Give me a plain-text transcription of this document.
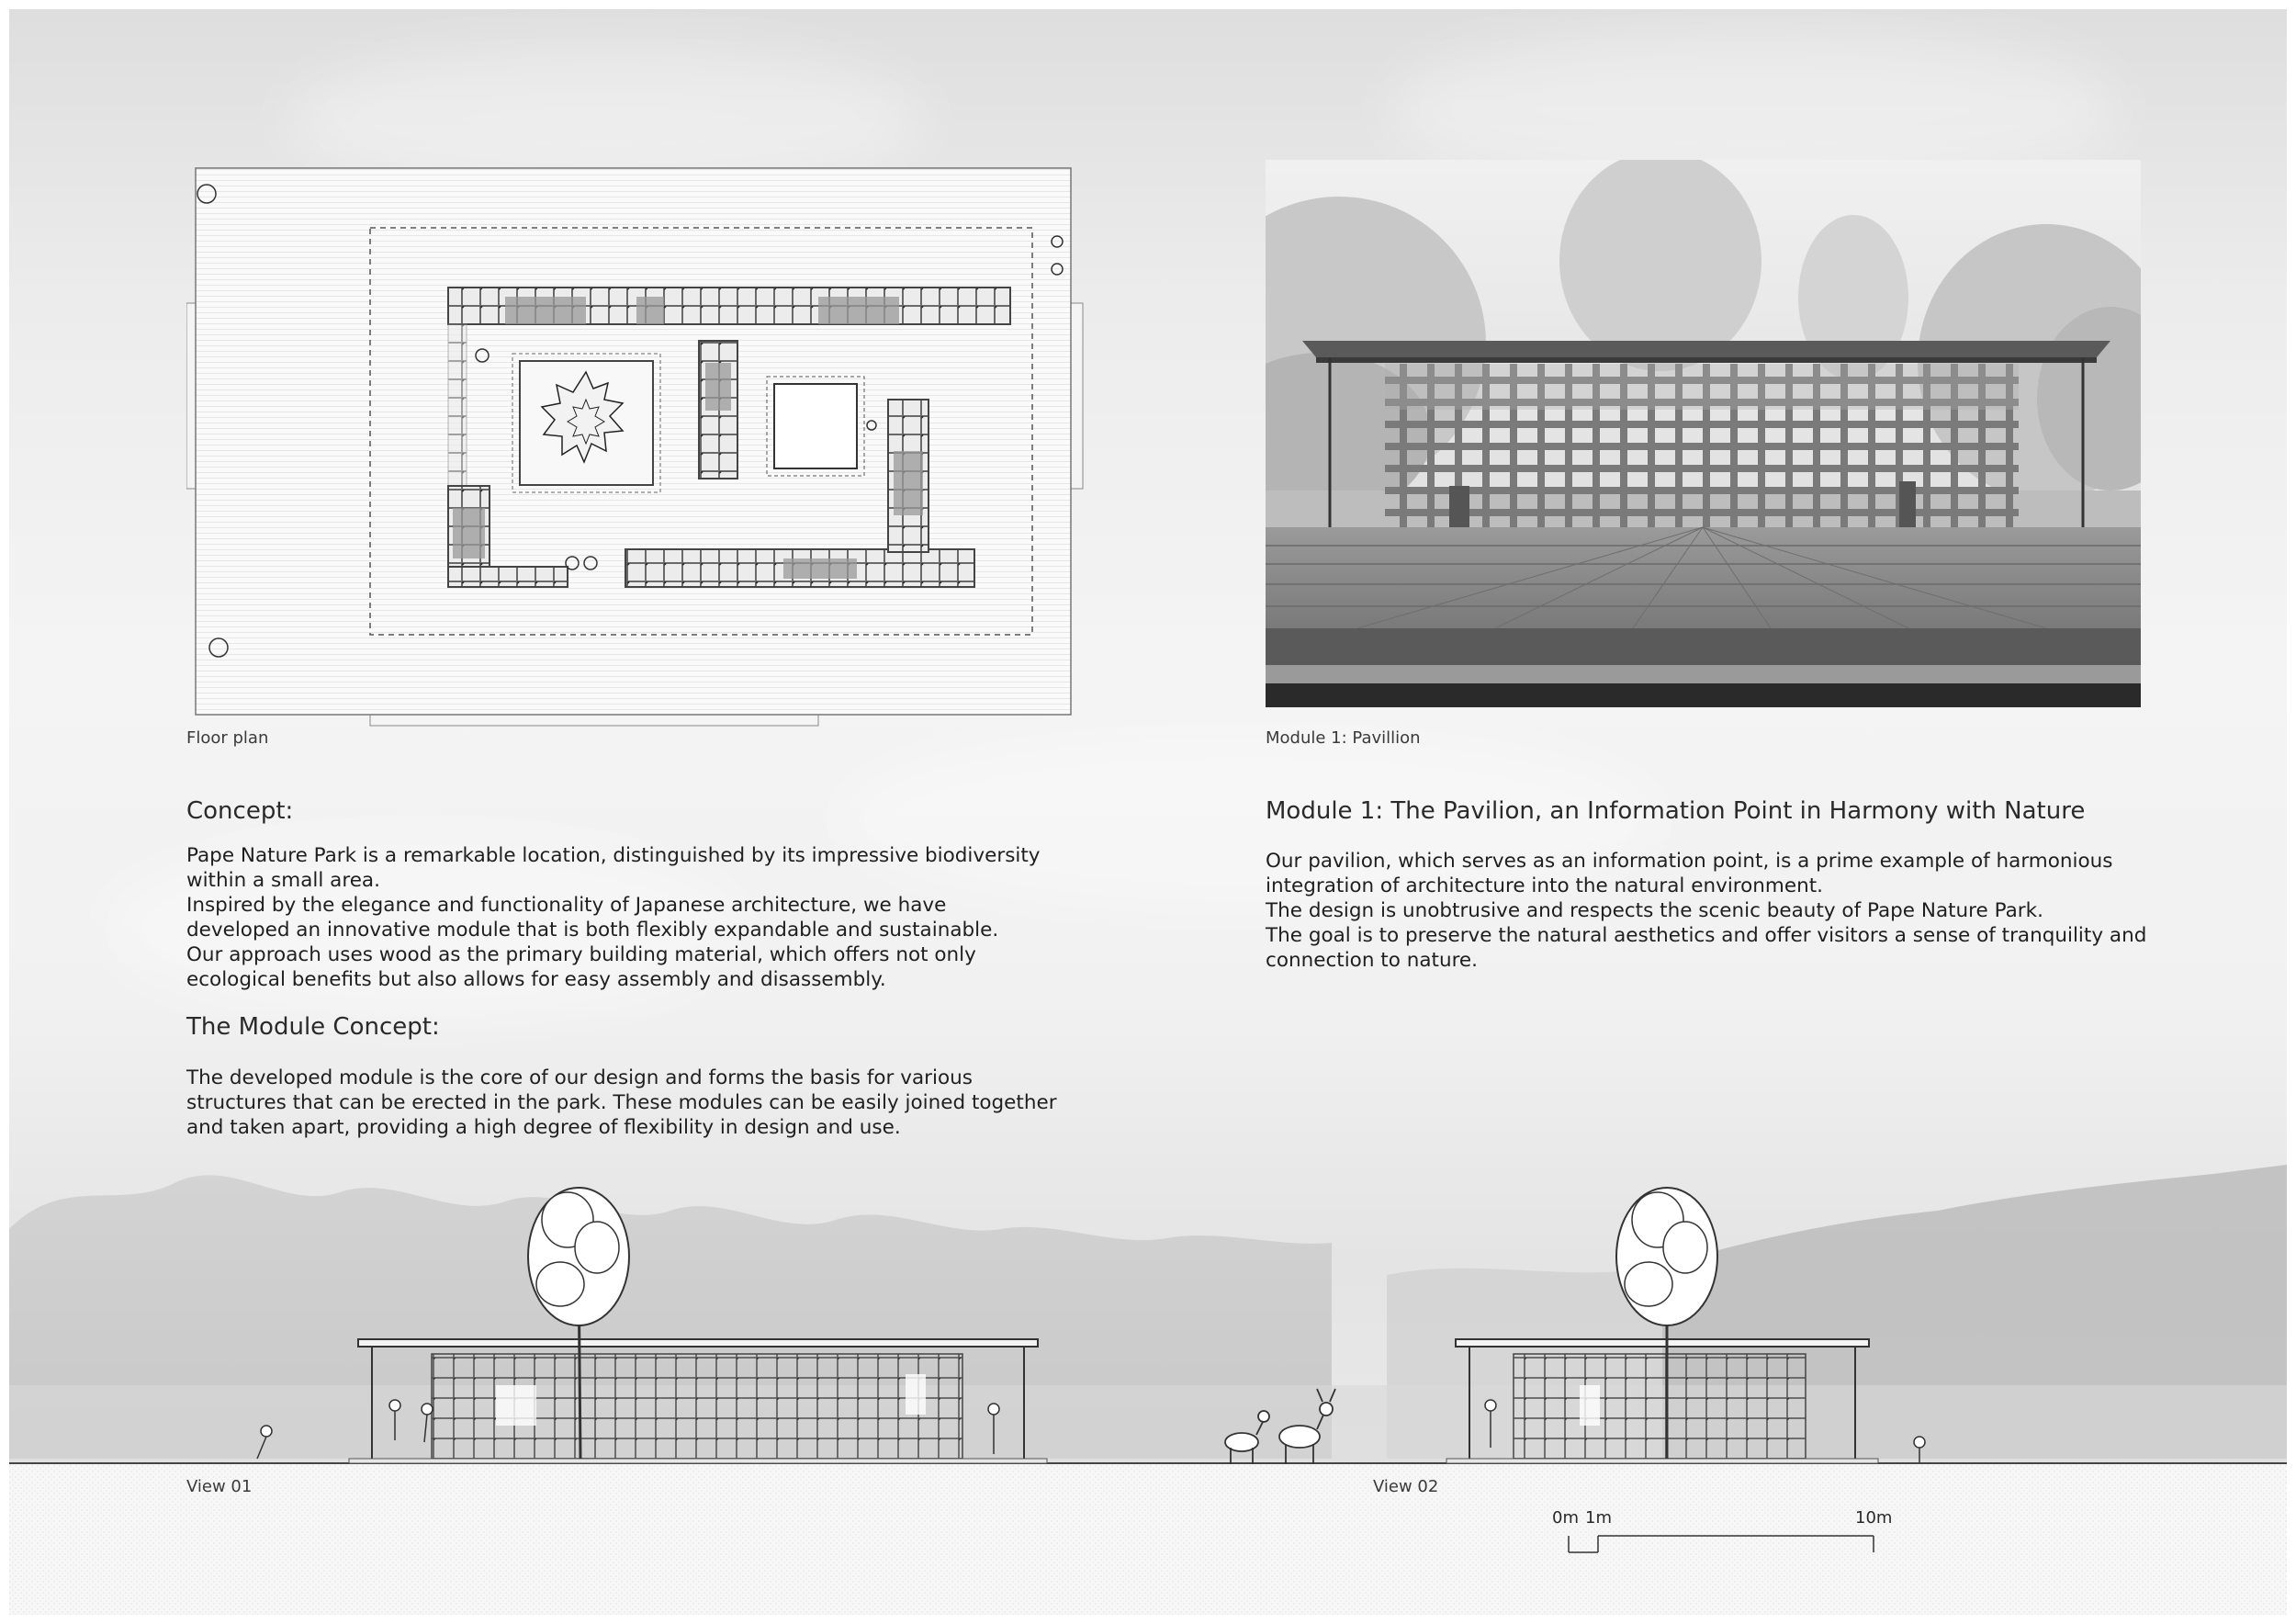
Floor plan	Module 1: Pavillion
Concept:
Pape Nature Park is a remarkable location, distinguished by its impressive biodiversity
within a small area.
Inspired by the elegance and functionality of Japanese architecture, we have
developed an innovative module that is both flexibly expandable and sustainable.
Our approach uses wood as the primary building material, which offers not only
ecological benefits but also allows for easy assembly and disassembly.
The Module Concept:
The developed module is the core of our design and forms the basis for various
structures that can be erected in the park. These modules can be easily joined together
and taken apart, providing a high degree of flexibility in design and use.
Module 1: The Pavilion, an Information Point in Harmony with Nature
Our pavilion, which serves as an information point, is a prime example of harmonious
integration of architecture into the natural environment.
The design is unobtrusive and respects the scenic beauty of Pape Nature Park.
The goal is to preserve the natural aesthetics and offer visitors a sense of tranquility and
connection to nature.
View 01	View 02
0m 1m	10m
